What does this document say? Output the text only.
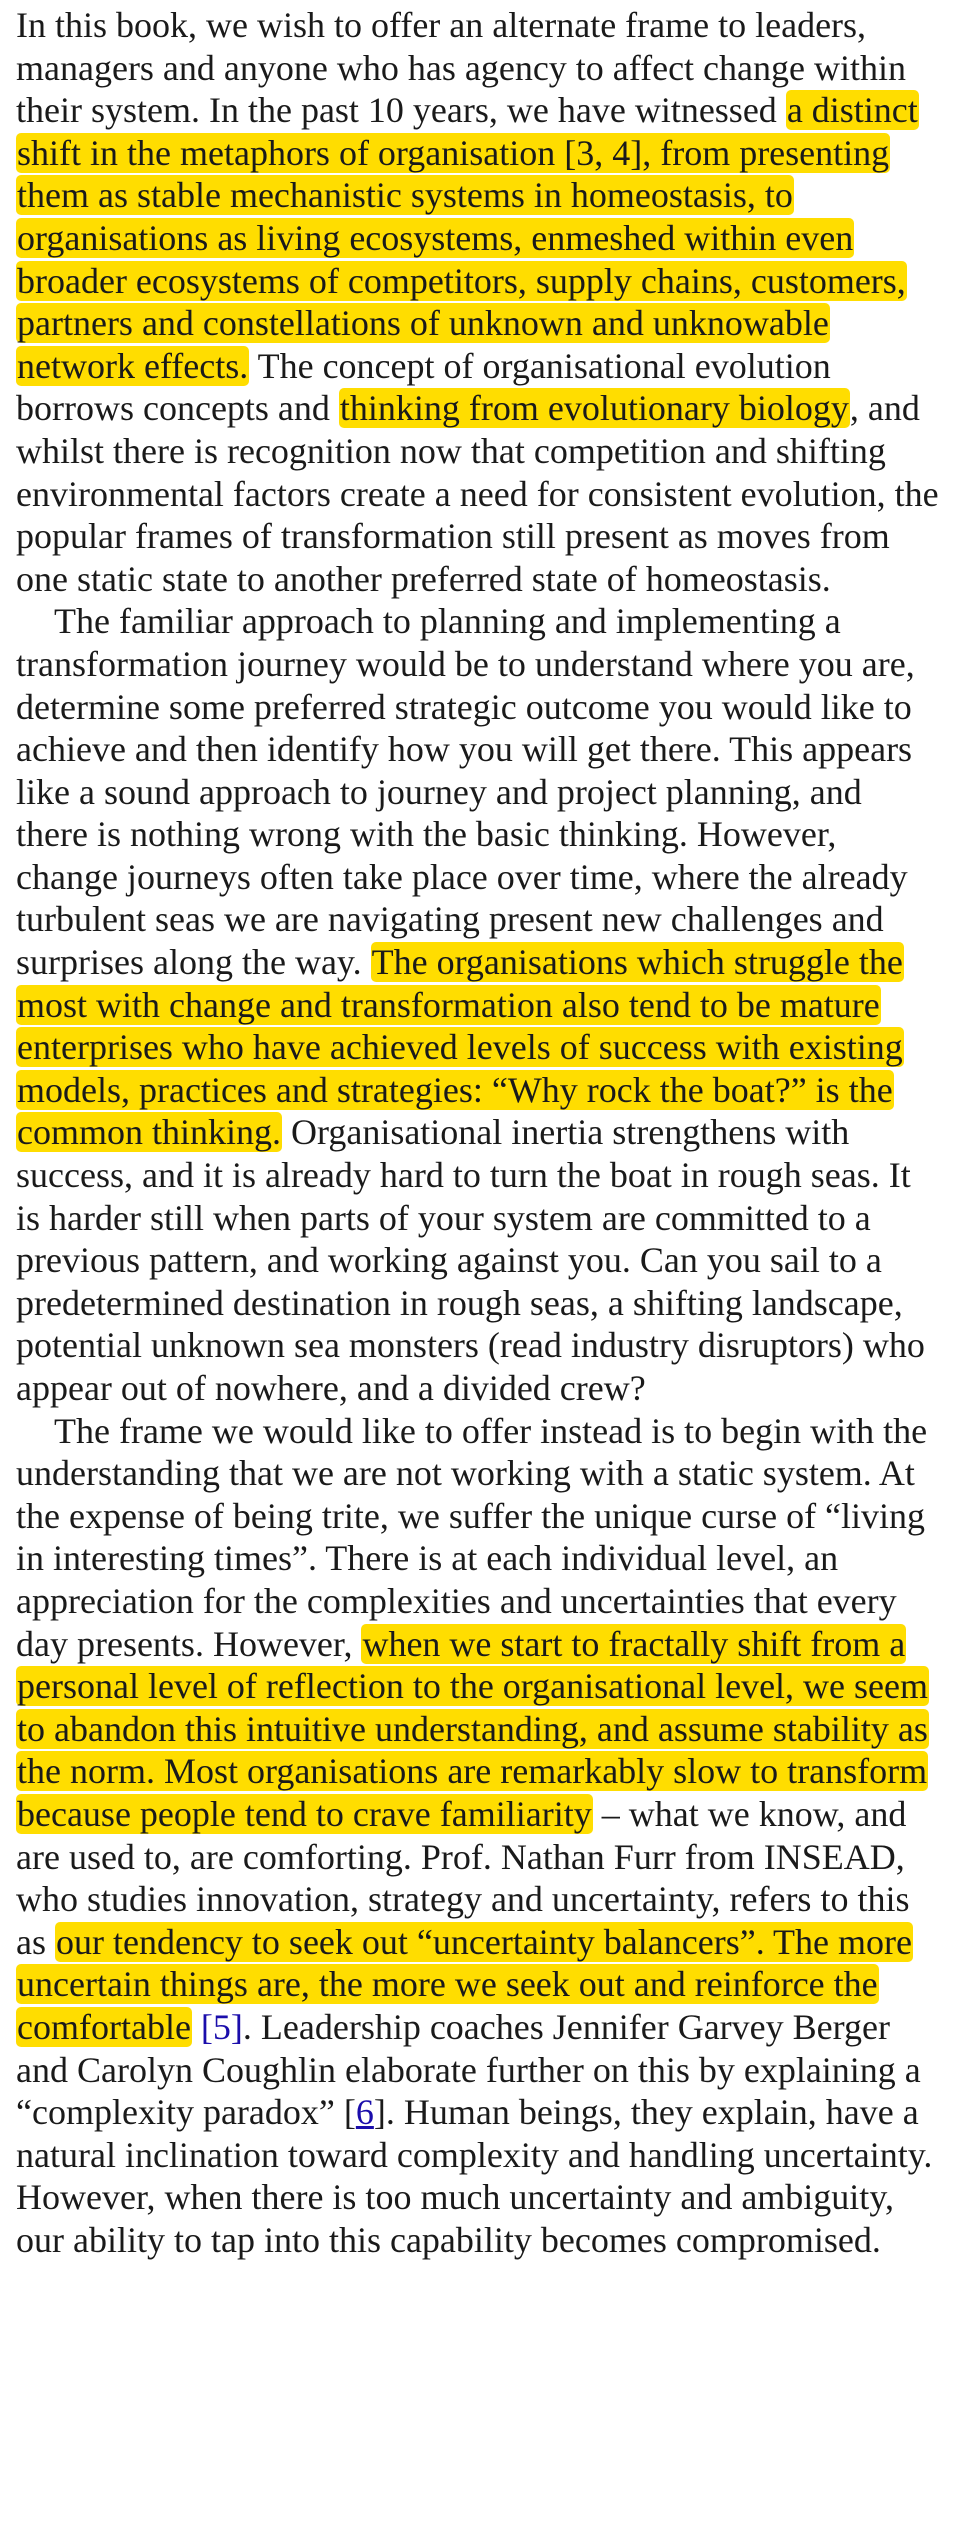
In this book, we wish to offer an alternate frame to leaders, managers and anyone who has agency to affect change within their system. In the past 10 years, we have witnessed a distinct shift in the metaphors of organisation [3, 4], from presenting them as stable mechanistic systems in homeostasis, to organisations as living ecosystems, enmeshed within even broader ecosystems of competitors, supply chains, customers, partners and constellations of unknown and unknowable network effects. The concept of organisational evolution borrows concepts and thinking from evolutionary biology, and whilst there is recognition now that competition and shifting environmental factors create a need for consistent evolution, the popular frames of transformation still present as moves from one static state to another preferred state of homeostasis.

The familiar approach to planning and implementing a transformation journey would be to understand where you are, determine some preferred strategic outcome you would like to achieve and then identify how you will get there. This appears like a sound approach to journey and project planning, and there is nothing wrong with the basic thinking. However, change journeys often take place over time, where the already turbulent seas we are navigating present new challenges and surprises along the way. The organisations which struggle the most with change and transformation also tend to be mature enterprises who have achieved levels of success with existing models, practices and strategies: “Why rock the boat?” is the common thinking. Organisational inertia strengthens with success, and it is already hard to turn the boat in rough seas. It is harder still when parts of your system are committed to a previous pattern, and working against you. Can you sail to a predetermined destination in rough seas, a shifting landscape, potential unknown sea monsters (read industry disruptors) who appear out of nowhere, and a divided crew?

The frame we would like to offer instead is to begin with the understanding that we are not working with a static system. At the expense of being trite, we suffer the unique curse of “living in interesting times”. There is at each individual level, an appreciation for the complexities and uncertainties that every day presents. However, when we start to fractally shift from a personal level of reflection to the organisational level, we seem to abandon this intuitive understanding, and assume stability as the norm. Most organisations are remarkably slow to transform because people tend to crave familiarity – what we know, and are used to, are comforting. Prof. Nathan Furr from INSEAD, who studies innovation, strategy and uncertainty, refers to this as our tendency to seek out “uncertainty balancers”. The more uncertain things are, the more we seek out and reinforce the comfortable [5]. Leadership coaches Jennifer Garvey Berger and Carolyn Coughlin elaborate further on this by explaining a “complexity paradox” [6]. Human beings, they explain, have a natural inclination toward complexity and handling uncertainty. However, when there is too much uncertainty and ambiguity, our ability to tap into this capability becomes compromised.
